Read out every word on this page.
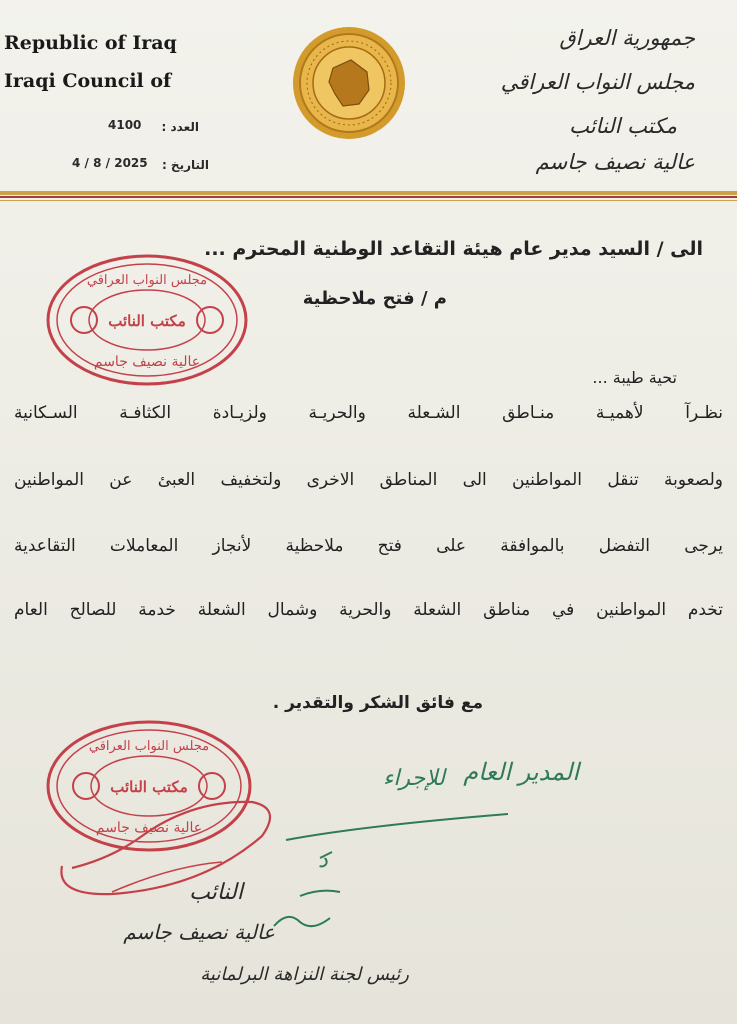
Republic of Iraq
Iraqi Council of
العدد :
4100
التاريخ :
2025 / 8 / 4
جمهورية العراق
مجلس النواب العراقي
مكتب النائب
عالية نصيف جاسم
الى / السيد مدير عام هيئة التقاعد الوطنية المحترم ...
م / فتح ملاحظية
مجلس النواب العراقي
مكتب النائب
عالية نصيف جاسم
تحية طيبة ...
نظـرآ لأهميـة منـاطق الشـعلة والحريـة ولزيـادة الكثافـة السـكانية
ولصعوبة تنقل المواطنين الى المناطق الاخرى ولتخفيف العبئ عن المواطنين
يرجى التفضل بالموافقة على فتح ملاحظية لأنجاز المعاملات التقاعدية
تخدم المواطنين في مناطق الشعلة والحرية وشمال الشعلة خدمة للصالح العام
مع فائق الشكر والتقدير .
مجلس النواب العراقي
مكتب النائب
عالية نصيف جاسم
المدير العام
للإجراء
د
النائب
عالية نصيف جاسم
رئيس لجنة النزاهة البرلمانية
